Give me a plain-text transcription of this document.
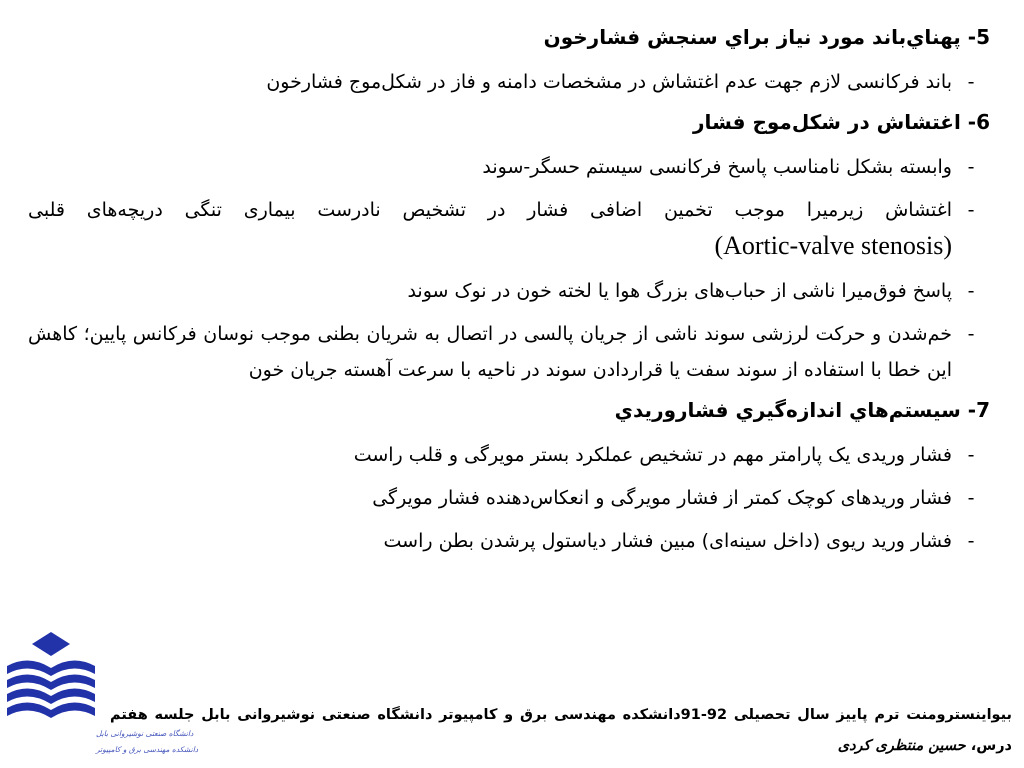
5- پهناي‌باند مورد نياز براي سنجش فشارخون
-
باند فرکانسی لازم جهت عدم اغتشاش در مشخصات دامنه و فاز در شکل‌موج فشارخون
6- اغتشاش در شکل‌موج فشار
-
وابسته بشکل نامناسب پاسخ فرکانسی سیستم حسگر-سوند
-
اغتشاش زیرمیرا موجب تخمین اضافی فشار در تشخیص نادرست بیماری تنگی دریچه‌های قلبی (Aortic-valve stenosis)
-
پاسخ فوق‌میرا ناشی از حباب‌های بزرگ هوا یا لخته خون در نوک سوند
-
خم‌شدن و حرکت لرزشی سوند ناشی از جریان پالسی در اتصال به شریان بطنی موجب نوسان فرکانس پایین؛ کاهش این خطا با استفاده از سوند سفت یا قراردادن سوند در ناحیه با سرعت آهسته جریان خون
7- سيستم‌هاي اندازه‌گيري فشاروريدي
-
فشار وریدی یک پارامتر مهم در تشخیص عملکرد بستر مویرگی و قلب راست
-
فشار وریدهای کوچک کمتر از فشار مویرگی و انعکاس‌دهنده فشار مویرگی
-
فشار ورید ریوی (داخل سینه‌ای) مبین فشار دیاستول پرشدن بطن راست
دانشگاه صنعتی نوشیروانی بابل
دانشکده مهندسی برق و کامپیوتر
بیواینسترومنت ترم پاییز سال تحصیلی 92-91دانشکده مهندسی برق و کامپیوتر دانشگاه صنعتی نوشیروانی بابل جلسه هفتم درس، حسین منتظری کردی
